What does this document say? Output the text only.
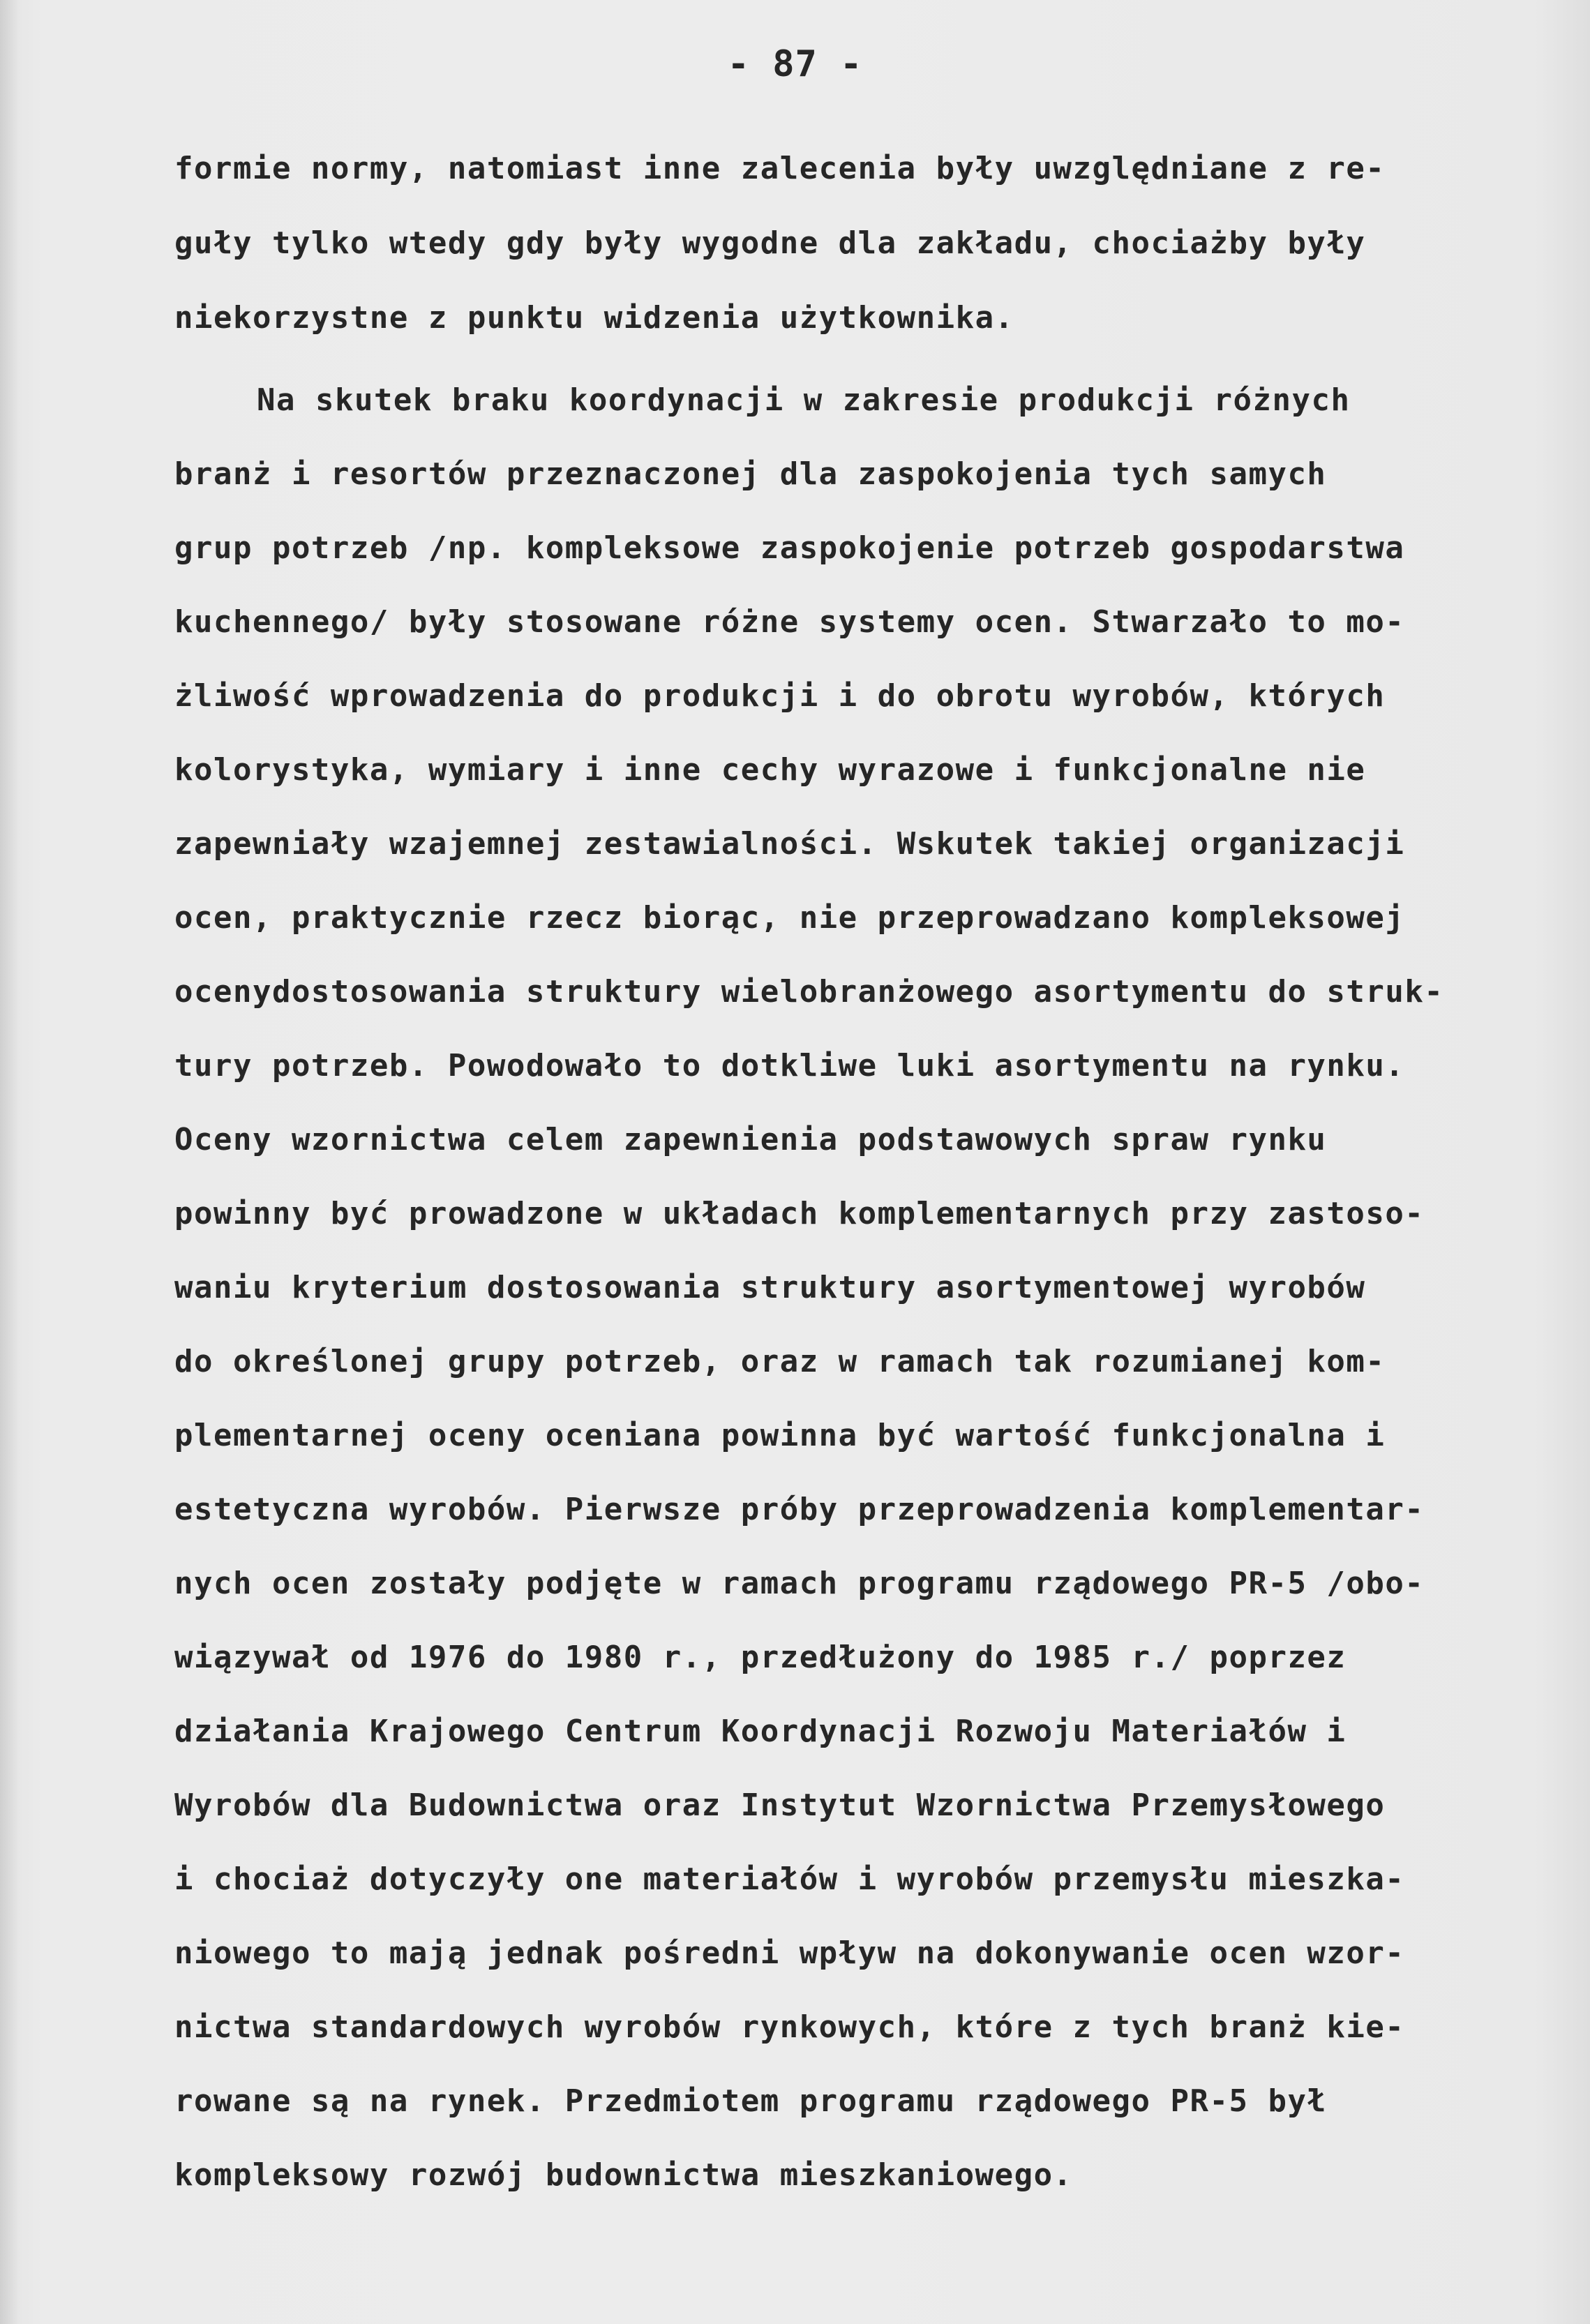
- 87 -
formie normy, natomiast inne zalecenia były uwzględniane z re-
guły tylko wtedy gdy były wygodne dla zakładu, chociażby były
niekorzystne z punktu widzenia użytkownika.
Na skutek braku koordynacji w zakresie produkcji różnych
branż i resortów przeznaczonej dla zaspokojenia tych samych
grup potrzeb /np. kompleksowe zaspokojenie potrzeb gospodarstwa
kuchennego/ były stosowane różne systemy ocen. Stwarzało to mo-
żliwość wprowadzenia do produkcji i do obrotu wyrobów, których
kolorystyka, wymiary i inne cechy wyrazowe i funkcjonalne nie
zapewniały wzajemnej zestawialności. Wskutek takiej organizacji
ocen, praktycznie rzecz biorąc, nie przeprowadzano kompleksowej
ocenydostosowania struktury wielobranżowego asortymentu do struk-
tury potrzeb. Powodowało to dotkliwe luki asortymentu na rynku.
Oceny wzornictwa celem zapewnienia podstawowych spraw rynku
powinny być prowadzone w układach komplementarnych przy zastoso-
waniu kryterium dostosowania struktury asortymentowej wyrobów
do określonej grupy potrzeb, oraz w ramach tak rozumianej kom-
plementarnej oceny oceniana powinna być wartość funkcjonalna i
estetyczna wyrobów. Pierwsze próby przeprowadzenia komplementar-
nych ocen zostały podjęte w ramach programu rządowego PR-5 /obo-
wiązywał od 1976 do 1980 r., przedłużony do 1985 r./ poprzez
działania Krajowego Centrum Koordynacji Rozwoju Materiałów i
Wyrobów dla Budownictwa oraz Instytut Wzornictwa Przemysłowego
i chociaż dotyczyły one materiałów i wyrobów przemysłu mieszka-
niowego to mają jednak pośredni wpływ na dokonywanie ocen wzor-
nictwa standardowych wyrobów rynkowych, które z tych branż kie-
rowane są na rynek. Przedmiotem programu rządowego PR-5 był
kompleksowy rozwój budownictwa mieszkaniowego.
